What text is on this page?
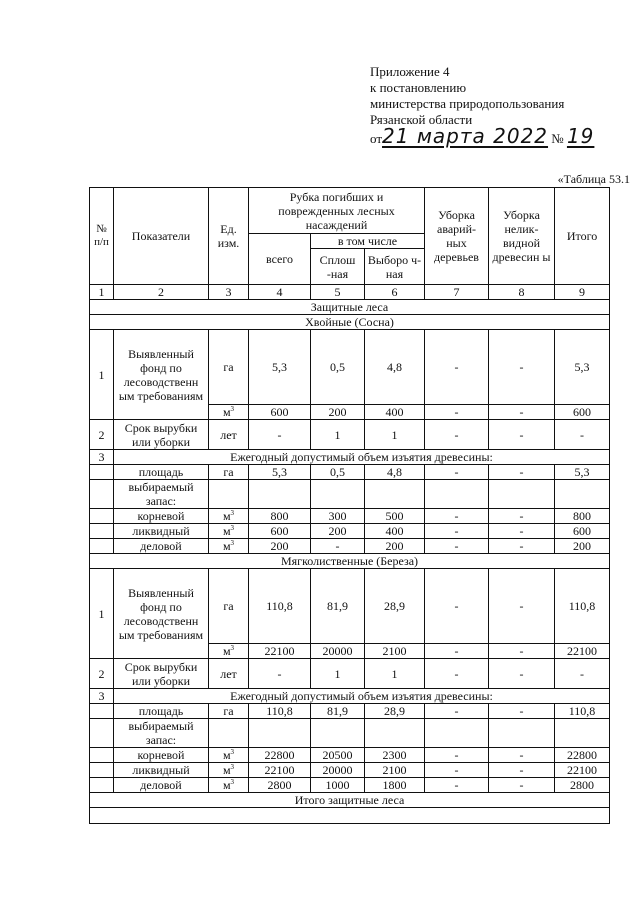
Приложение 4
к постановлению
министерства природопользования
Рязанской области
от21 марта 2022 № 19
«Таблица 53.1
№ п/п	Показатели	Ед. изм.	Рубка погибших и поврежденных лесных насаждений			Уборка аварий-ных деревьев	Уборка нелик-видной древесин ы	Итого
			всего	в том числе				
				Сплош -ная	Выборо ч-ная			
1	2	3	4	5	6	7	8	9
Защитные леса								
Хвойные (Сосна)								
1	Выявленный фонд по лесоводственн ым требованиям	га	5,3	0,5	4,8	-	-	5,3
		$м^3$	600	200	400	-	-	600
2	Срок вырубки или уборки	лет	-	1	1	-	-	-
3	Ежегодный допустимый объем изъятия древесины:							
	площадь	га	5,3	0,5	4,8	-	-	5,3
	выбираемый запас:							
	корневой	$м^3$	800	300	500	-	-	800
	ликвидный	$м^3$	600	200	400	-	-	600
	деловой	$м^3$	200	-	200	-	-	200
Мягколиственные (Береза)								
1	Выявленный фонд по лесоводственн ым требованиям	га	110,8	81,9	28,9	-	-	110,8
		$м^3$	22100	20000	2100	-	-	22100
2	Срок вырубки или уборки	лет	-	1	1	-	-	-
3	Ежегодный допустимый объем изъятия древесины:							
	площадь	га	110,8	81,9	28,9	-	-	110,8
	выбираемый запас:							
	корневой	$м^3$	22800	20500	2300	-	-	22800
	ликвидный	$м^3$	22100	20000	2100	-	-	22100
	деловой	$м^3$	2800	1000	1800	-	-	2800
Итого защитные леса								
